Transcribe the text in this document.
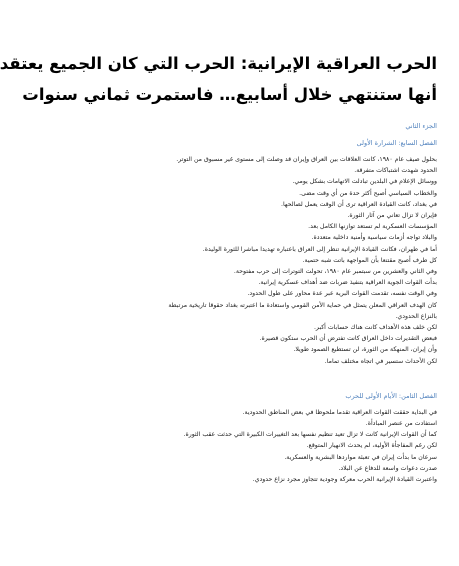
الحرب العراقية الإيرانية: الحرب التي كان الجميع يعتقد
أنها ستنتهي خلال أسابيع… فاستمرت ثماني سنوات
الجزء الثاني
الفصل السابع: الشرارة الأولى
بحلول صيف عام ١٩٨٠، كانت العلاقات بين العراق وإيران قد وصلت إلى مستوى غير مسبوق من التوتر.
الحدود شهدت اشتباكات متفرقة.
ووسائل الإعلام في البلدين تبادلت الاتهامات بشكل يومي.
والخطاب السياسي أصبح أكثر حدة من أي وقت مضى.
في بغداد، كانت القيادة العراقية ترى أن الوقت يعمل لصالحها.
فإيران لا تزال تعاني من آثار الثورة.
المؤسسات العسكرية لم تستعد توازنها الكامل بعد.
والبلاد تواجه أزمات سياسية وأمنية داخلية متعددة.
أما في طهران، فكانت القيادة الإيرانية تنظر إلى العراق باعتباره تهديدا مباشرا للثورة الوليدة.
كل طرف أصبح مقتنعا بأن المواجهة باتت شبه حتمية.
وفي الثاني والعشرين من سبتمبر عام ١٩٨٠، تحولت التوترات إلى حرب مفتوحة.
بدأت القوات الجوية العراقية بتنفيذ ضربات ضد أهداف عسكرية إيرانية.
وفي الوقت نفسه، تقدمت القوات البرية عبر عدة محاور على طول الحدود.
كان الهدف العراقي المعلن يتمثل في حماية الأمن القومي واستعادة ما اعتبرته بغداد حقوقا تاريخية مرتبطة
بالنزاع الحدودي.
لكن خلف هذه الأهداف كانت هناك حسابات أكبر.
فبعض التقديرات داخل العراق كانت تفترض أن الحرب ستكون قصيرة.
وأن إيران، المنهكة من الثورة، لن تستطيع الصمود طويلا.
لكن الأحداث ستسير في اتجاه مختلف تماما.
الفصل الثامن: الأيام الأولى للحرب
في البداية حققت القوات العراقية تقدما ملحوظا في بعض المناطق الحدودية.
استفادت من عنصر المبادأة.
كما أن القوات الإيرانية كانت لا تزال تعيد تنظيم نفسها بعد التغييرات الكبيرة التي حدثت عقب الثورة.
لكن رغم المفاجأة الأولية، لم يحدث الانهيار المتوقع.
سرعان ما بدأت إيران في تعبئة مواردها البشرية والعسكرية.
صدرت دعوات واسعة للدفاع عن البلاد.
واعتبرت القيادة الإيرانية الحرب معركة وجودية تتجاوز مجرد نزاع حدودي.
